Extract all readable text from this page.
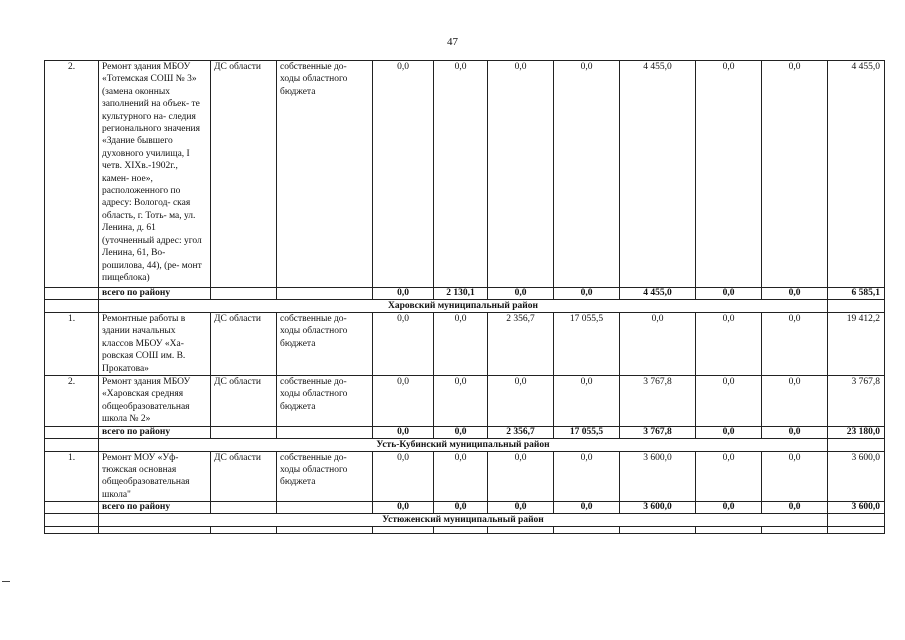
47
2.	Ремонт здания МБОУ «Тотемская СОШ № 3» (замена оконных заполнений на объек- те культурного на- следия регионального значения «Здание бывшего духовного училища, I четв. XIXв.-1902г., камен- ное», расположенного по адресу: Вологод- ская область, г. Тоть- ма, ул. Ленина, д. 61 (уточненный адрес: угол Ленина, 61, Во- рошилова, 44), (ре- монт пищеблока)	ДС области	собственные до- ходы областного бюджета	0,0	0,0	0,0	0,0	4 455,0	0,0	0,0	4 455,0
	всего по району			0,0	2 130,1	0,0	0,0	4 455,0	0,0	0,0	6 585,1
	Харовский муниципальный район										
1.	Ремонтные работы в здании начальных классов МБОУ «Ха- ровская СОШ им. В. Прокатова»	ДС области	собственные до- ходы областного бюджета	0,0	0,0	2 356,7	17 055,5	0,0	0,0	0,0	19 412,2
2.	Ремонт здания МБОУ «Харовская средняя общеобразовательная школа № 2»	ДС области	собственные до- ходы областного бюджета	0,0	0,0	0,0	0,0	3 767,8	0,0	0,0	3 767,8
	всего по району			0,0	0,0	2 356,7	17 055,5	3 767,8	0,0	0,0	23 180,0
	Усть-Кубинский муниципальный район										
1.	Ремонт МОУ «Уф- тюжская основная общеобразовательная школа"	ДС области	собственные до- ходы областного бюджета	0,0	0,0	0,0	0,0	3 600,0	0,0	0,0	3 600,0
	всего по району			0,0	0,0	0,0	0,0	3 600,0	0,0	0,0	3 600,0
	Устюженский муниципальный район										
